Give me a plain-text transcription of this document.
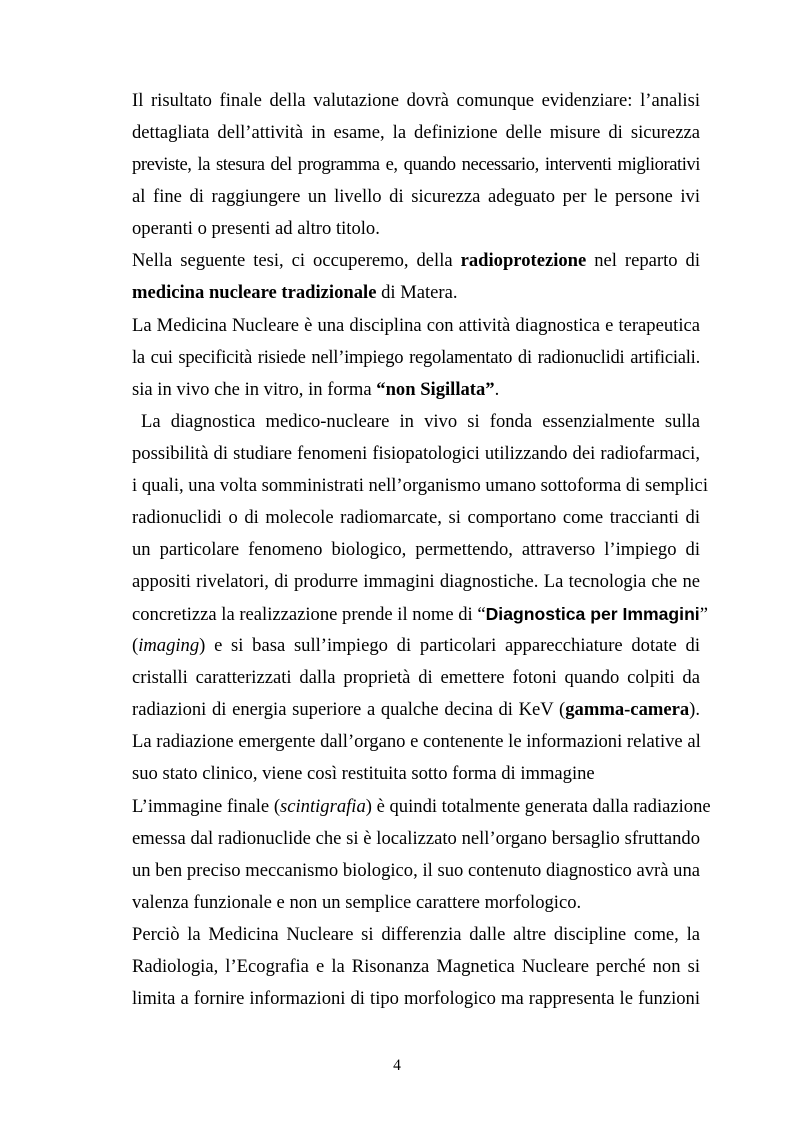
Il risultato finale della valutazione dovrà comunque evidenziare: l’analisi
dettagliata dell’attività in esame, la definizione delle misure di sicurezza
previste, la stesura del programma e, quando necessario, interventi migliorativi
al fine di raggiungere un livello di sicurezza adeguato per le persone ivi
operanti o presenti ad altro titolo.
Nella seguente tesi, ci occuperemo, della radioprotezione nel reparto di
medicina nucleare tradizionale di Matera.
La Medicina Nucleare è una disciplina con attività diagnostica e terapeutica
la cui specificità risiede nell’impiego regolamentato di radionuclidi artificiali.
sia in vivo che in vitro, in forma “non Sigillata”.
La diagnostica medico-nucleare in vivo si fonda essenzialmente sulla
possibilità di studiare fenomeni fisiopatologici utilizzando dei radiofarmaci,
i quali, una volta somministrati nell’organismo umano sottoforma di semplici
radionuclidi o di molecole radiomarcate, si comportano come traccianti di
un particolare fenomeno biologico, permettendo, attraverso l’impiego di
appositi rivelatori, di produrre immagini diagnostiche. La tecnologia che ne
concretizza la realizzazione prende il nome di “Diagnostica per Immagini”
(imaging) e si basa sull’impiego di particolari apparecchiature dotate di
cristalli caratterizzati dalla proprietà di emettere fotoni quando colpiti da
radiazioni di energia superiore a qualche decina di KeV (gamma-camera).
La radiazione emergente dall’organo e contenente le informazioni relative al
suo stato clinico, viene così restituita sotto forma di immagine
L’immagine finale (scintigrafia) è quindi totalmente generata dalla radiazione
emessa dal radionuclide che si è localizzato nell’organo bersaglio sfruttando
un ben preciso meccanismo biologico, il suo contenuto diagnostico avrà una
valenza funzionale e non un semplice carattere morfologico.
Perciò la Medicina Nucleare si differenzia dalle altre discipline come, la
Radiologia, l’Ecografia e la Risonanza Magnetica Nucleare perché non si
limita a fornire informazioni di tipo morfologico ma rappresenta le funzioni
4
